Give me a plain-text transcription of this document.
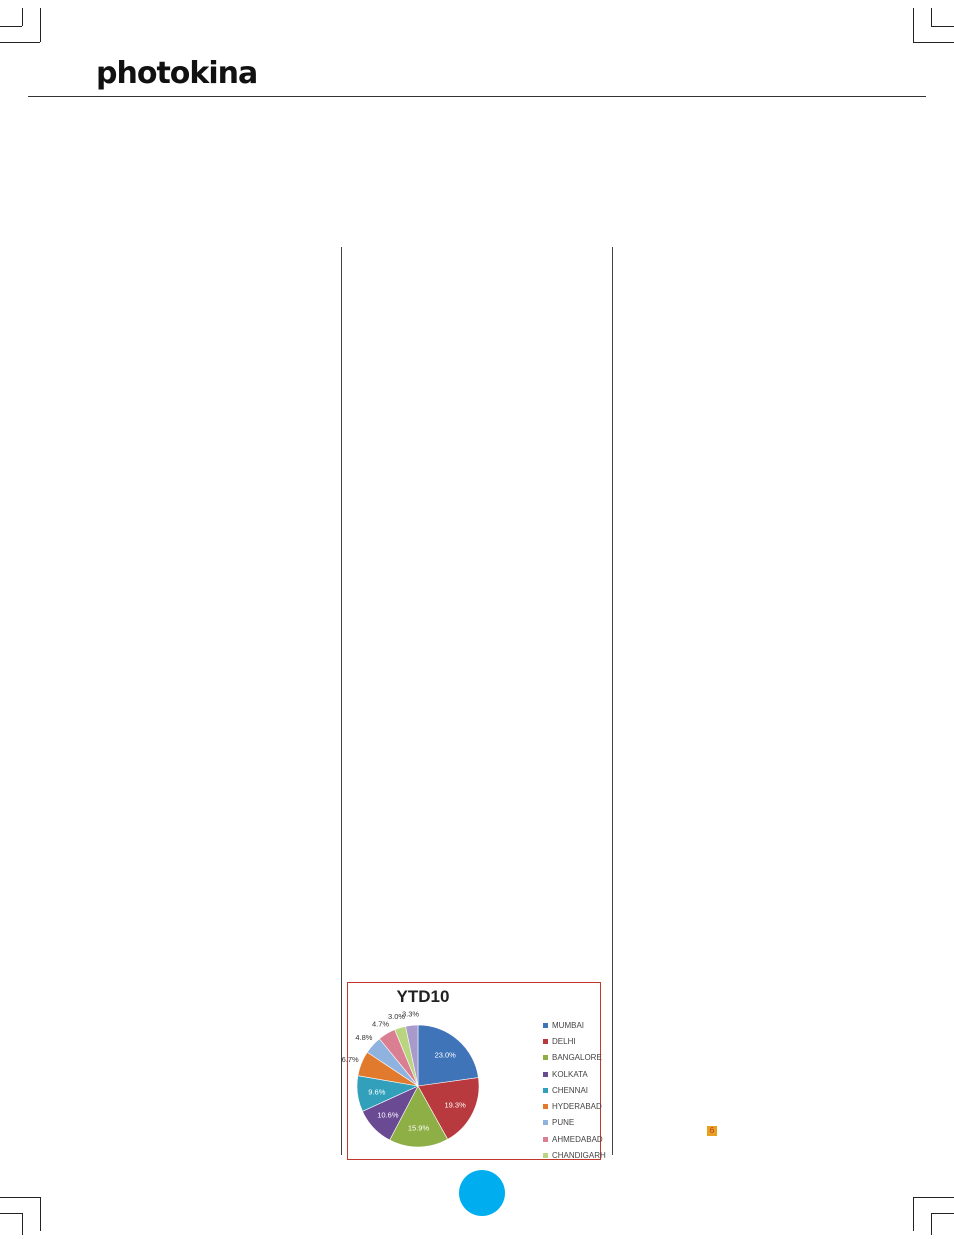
photokina
YTD10
23.0%
19.3%
15.9%
10.6%
9.6%
6.7%
4.8%
4.7%
3.0%
3.3%
MUMBAI
DELHI
BANGALORE
KOLKATA
CHENNAI
HYDERABAD
PUNE
AHMEDABAD
CHANDIGARH
6
